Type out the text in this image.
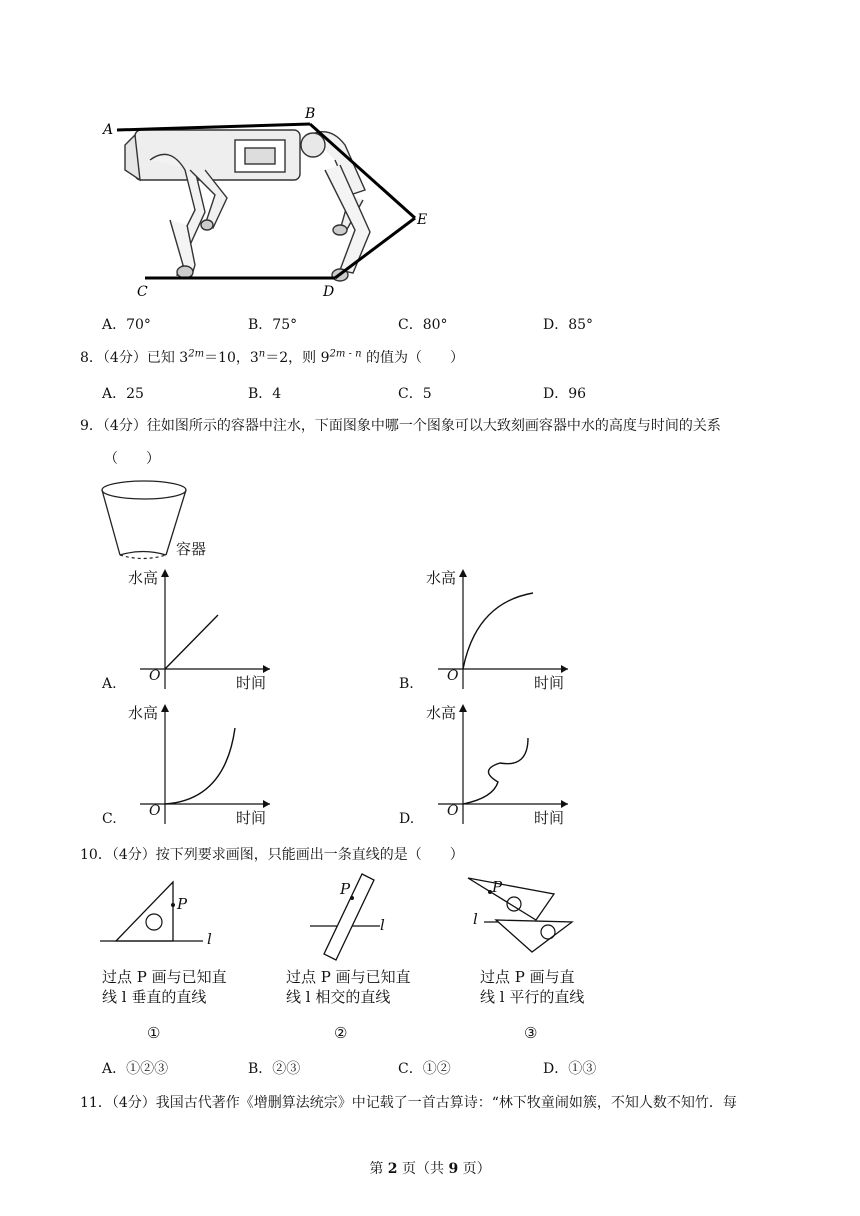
A
B
E
C	D
A．70°	B．75°	C．80°	D．85°
8．（4分）已知 $3^{2m}=10$，$3^n=2$，则 $9^{2m - n}$ 的值为（　　）
A．25	B．4	C．5	D．96
9．（4分）往如图所示的容器中注水，下面图象中哪一个图象可以大致刻画容器中水的高度与时间的关系
（　　）
容器
A.
水高
O	时间	B.
水高
O	时间
C.
水高
O	时间	D.
水高
O	时间
10．（4分）按下列要求画图，只能画出一条直线的是（　　）
P
l
P
l
P
l
过点 P 画与已知直
线 l 垂直的直线
过点 P 画与已知直
线 l 相交的直线
过点 P 画与直
线 l 平行的直线
①	②	③
A．①②③	B．②③	C．①②	D．①③
11．（4分）我国古代著作《增删算法统宗》中记载了一首古算诗：“林下牧童闹如簇，不知人数不知竹．每
第 2 页（共 9 页）
